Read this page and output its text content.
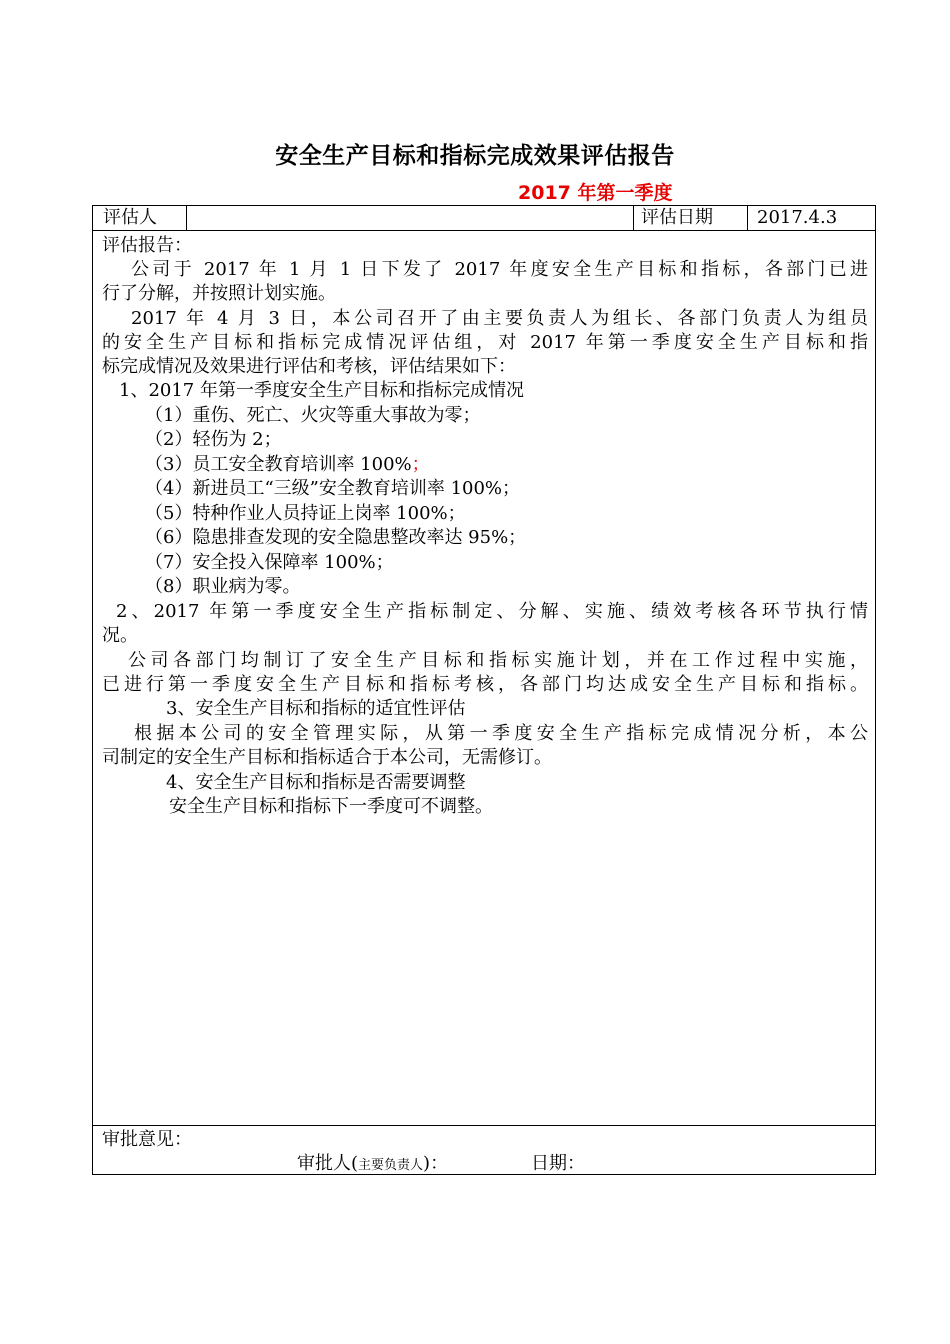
安全生产目标和指标完成效果评估报告
2017 年第一季度
评估人	评估日期 2017.4.3
评估报告：
公司于 2017 年 1 月 1 日下发了 2017 年度安全生产目标和指标，各部门已进
行了分解，并按照计划实施。
2017 年 4 月 3 日，本公司召开了由主要负责人为组长、各部门负责人为组员
的安全生产目标和指标完成情况评估组，对 2017 年第一季度安全生产目标和指
标完成情况及效果进行评估和考核，评估结果如下：
1、2017 年第一季度安全生产目标和指标完成情况
（1）重伤、死亡、火灾等重大事故为零；
（2）轻伤为 2；
（3）员工安全教育培训率 100%；
（4）新进员工“三级”安全教育培训率 100%；
（5）特种作业人员持证上岗率 100%；
（6）隐患排查发现的安全隐患整改率达 95%；
（7）安全投入保障率 100%；
（8）职业病为零。
2、2017 年第一季度安全生产指标制定、分解、实施、绩效考核各环节执行情
况。
公司各部门均制订了安全生产目标和指标实施计划，并在工作过程中实施，
已进行第一季度安全生产目标和指标考核，各部门均达成安全生产目标和指标。
3、安全生产目标和指标的适宜性评估
根据本公司的安全管理实际，从第一季度安全生产指标完成情况分析，本公
司制定的安全生产目标和指标适合于本公司，无需修订。
4、安全生产目标和指标是否需要调整
安全生产目标和指标下一季度可不调整。
审批意见：
审批人(主要负责人)：	日期：
